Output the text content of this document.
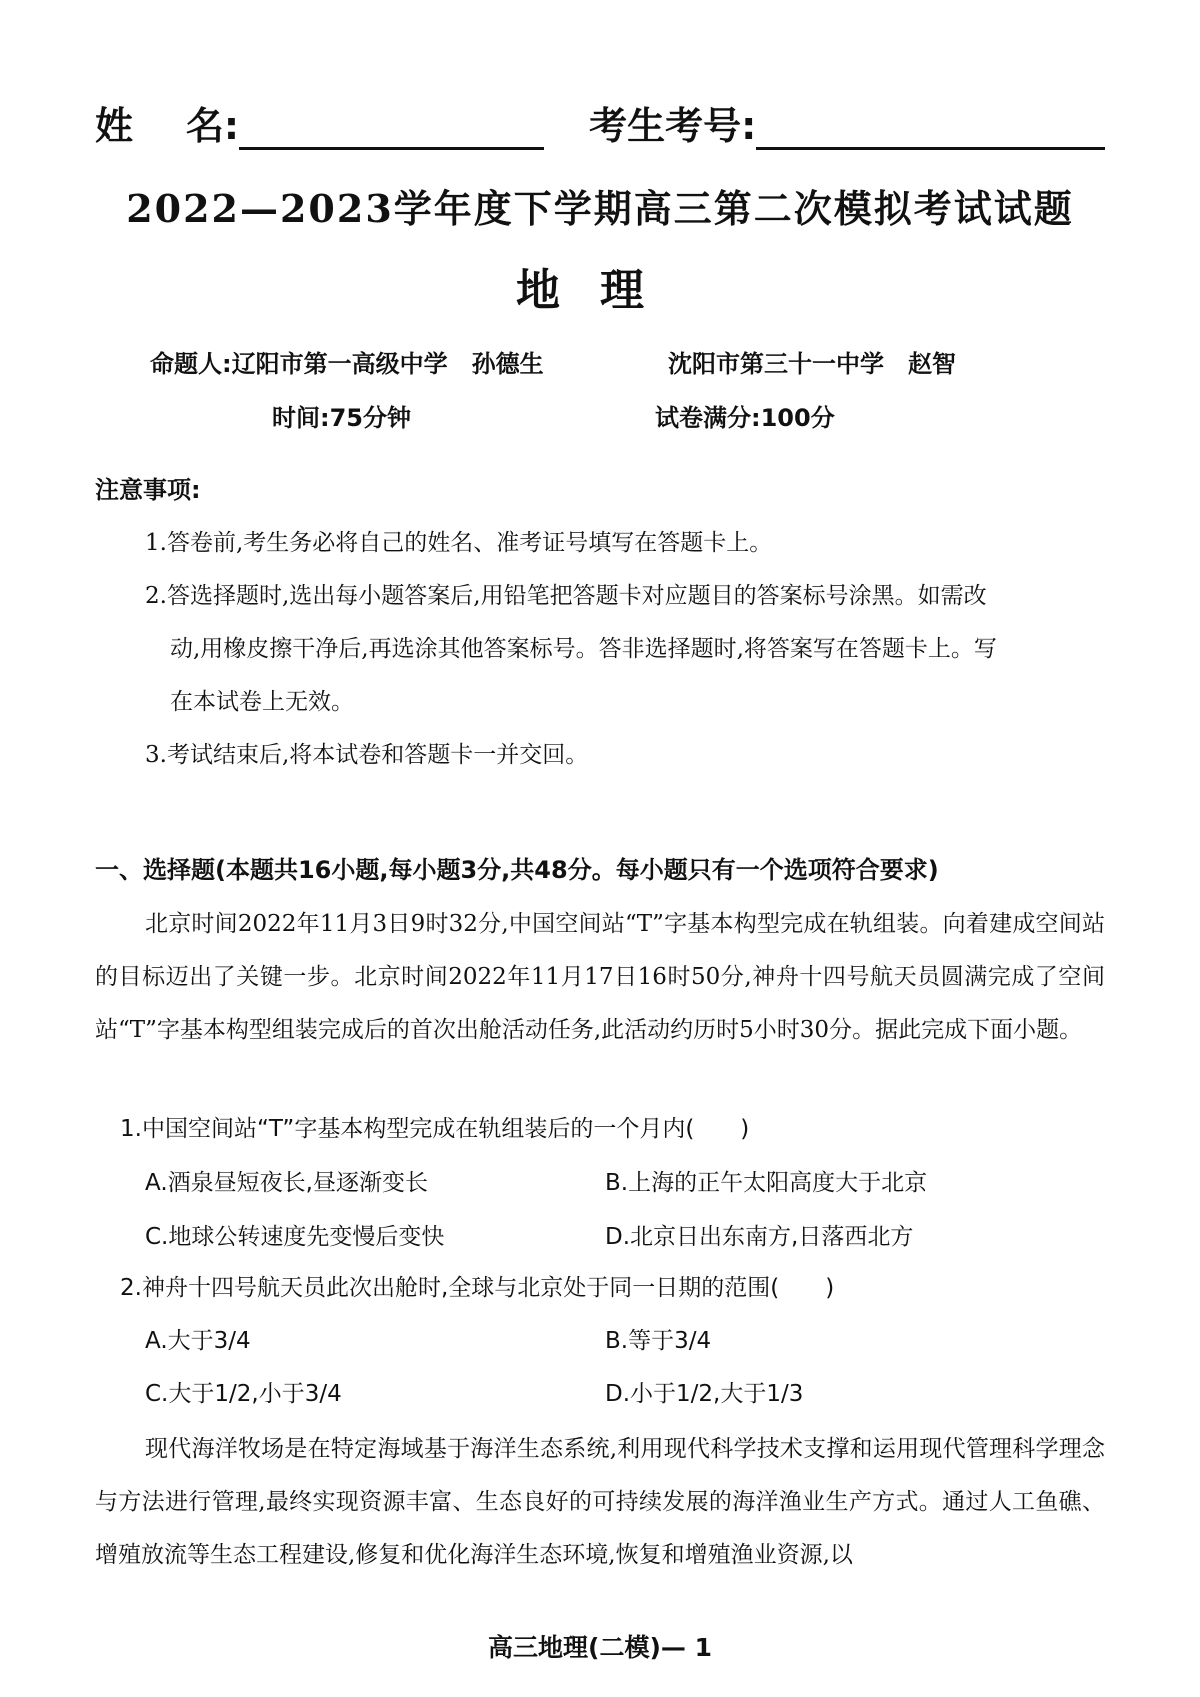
姓    名:	考生考号:
2022—2023学年度下学期高三第二次模拟考试试题
地理
命题人:辽阳市第一高级中学　孙德生	沈阳市第三十一中学　赵智
时间:75分钟	试卷满分:100分
注意事项:
1.答卷前,考生务必将自己的姓名、准考证号填写在答题卡上。
2.答选择题时,选出每小题答案后,用铅笔把答题卡对应题目的答案标号涂黑。如需改
动,用橡皮擦干净后,再选涂其他答案标号。答非选择题时,将答案写在答题卡上。写
在本试卷上无效。
3.考试结束后,将本试卷和答题卡一并交回。
一、选择题(本题共16小题,每小题3分,共48分。每小题只有一个选项符合要求)
北京时间2022年11月3日9时32分,中国空间站“T”字基本构型完成在轨组装。向着建成空间站的目标迈出了关键一步。北京时间2022年11月17日16时50分,神舟十四号航天员圆满完成了空间站“T”字基本构型组装完成后的首次出舱活动任务,此活动约历时5小时30分。据此完成下面小题。
1.中国空间站“T”字基本构型完成在轨组装后的一个月内(　　)
A.酒泉昼短夜长,昼逐渐变长	B.上海的正午太阳高度大于北京
C.地球公转速度先变慢后变快	D.北京日出东南方,日落西北方
2.神舟十四号航天员此次出舱时,全球与北京处于同一日期的范围(　　)
A.大于3/4	B.等于3/4
C.大于1/2,小于3/4	D.小于1/2,大于1/3
现代海洋牧场是在特定海域基于海洋生态系统,利用现代科学技术支撑和运用现代管理科学理念与方法进行管理,最终实现资源丰富、生态良好的可持续发展的海洋渔业生产方式。通过人工鱼礁、增殖放流等生态工程建设,修复和优化海洋生态环境,恢复和增殖渔业资源,以
高三地理(二模)— 1
